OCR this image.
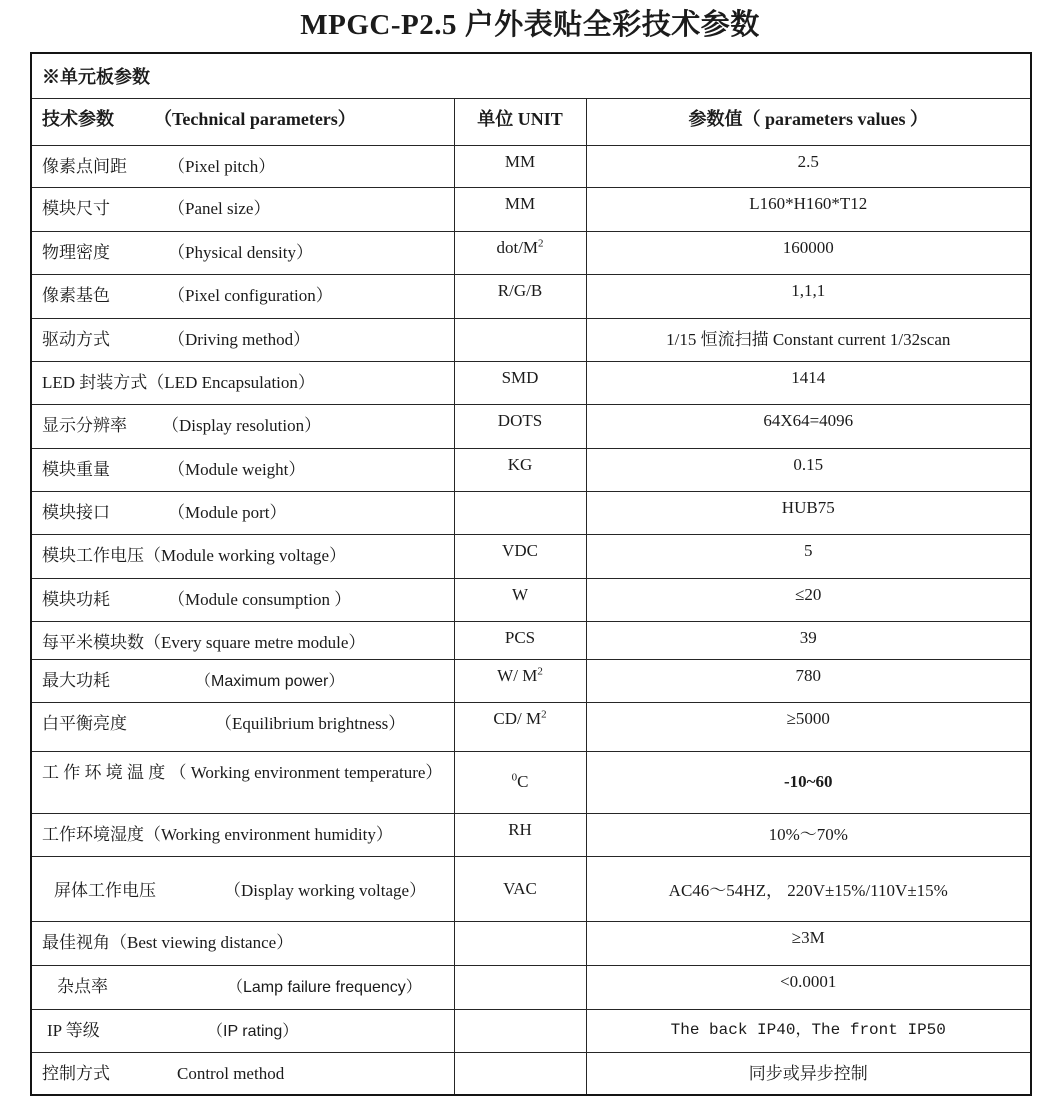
MPGC-P2.5 户外表贴全彩技术参数
※单元板参数		
技术参数 （Technical parameters）	单位 UNIT	参数值（ parameters values ）
像素点间距 （Pixel pitch）	MM	2.5
模块尺寸 （Panel size）	MM	L160*H160*T12
物理密度 （Physical density）	dot/$M^2$	160000
像素基色 （Pixel configuration）	R/G/B	1,1,1
驱动方式 （Driving method）		1/15 恒流扫描 Constant current 1/32scan
LED 封装方式（LED Encapsulation）	SMD	1414
显示分辨率 （Display resolution）	DOTS	64X64=4096
模块重量 （Module weight）	KG	0.15
模块接口 （Module port）		HUB75
模块工作电压（Module working voltage）	VDC	5
模块功耗 （Module consumption ）	W	≤20
每平米模块数（Every square metre module）	PCS	39
最大功耗 （Maximum power）	W/ $M^2$	780
白平衡亮度 （Equilibrium brightness）	CD/ $M^2$	≥5000
工 作 环 境 温 度 （ Working environment temperature）	$^0$C	-10~60
工作环境湿度（Working environment humidity）	RH	10%～70%
屏体工作电压 （Display working voltage）	VAC	AC46～54HZ， 220V±15%/110V±15%
最佳视角（Best viewing distance）		≥3M
杂点率 （Lamp failure frequency）		<0.0001
IP 等级 （IP rating）		The back IP40，The front IP50
控制方式 Control method		同步或异步控制
